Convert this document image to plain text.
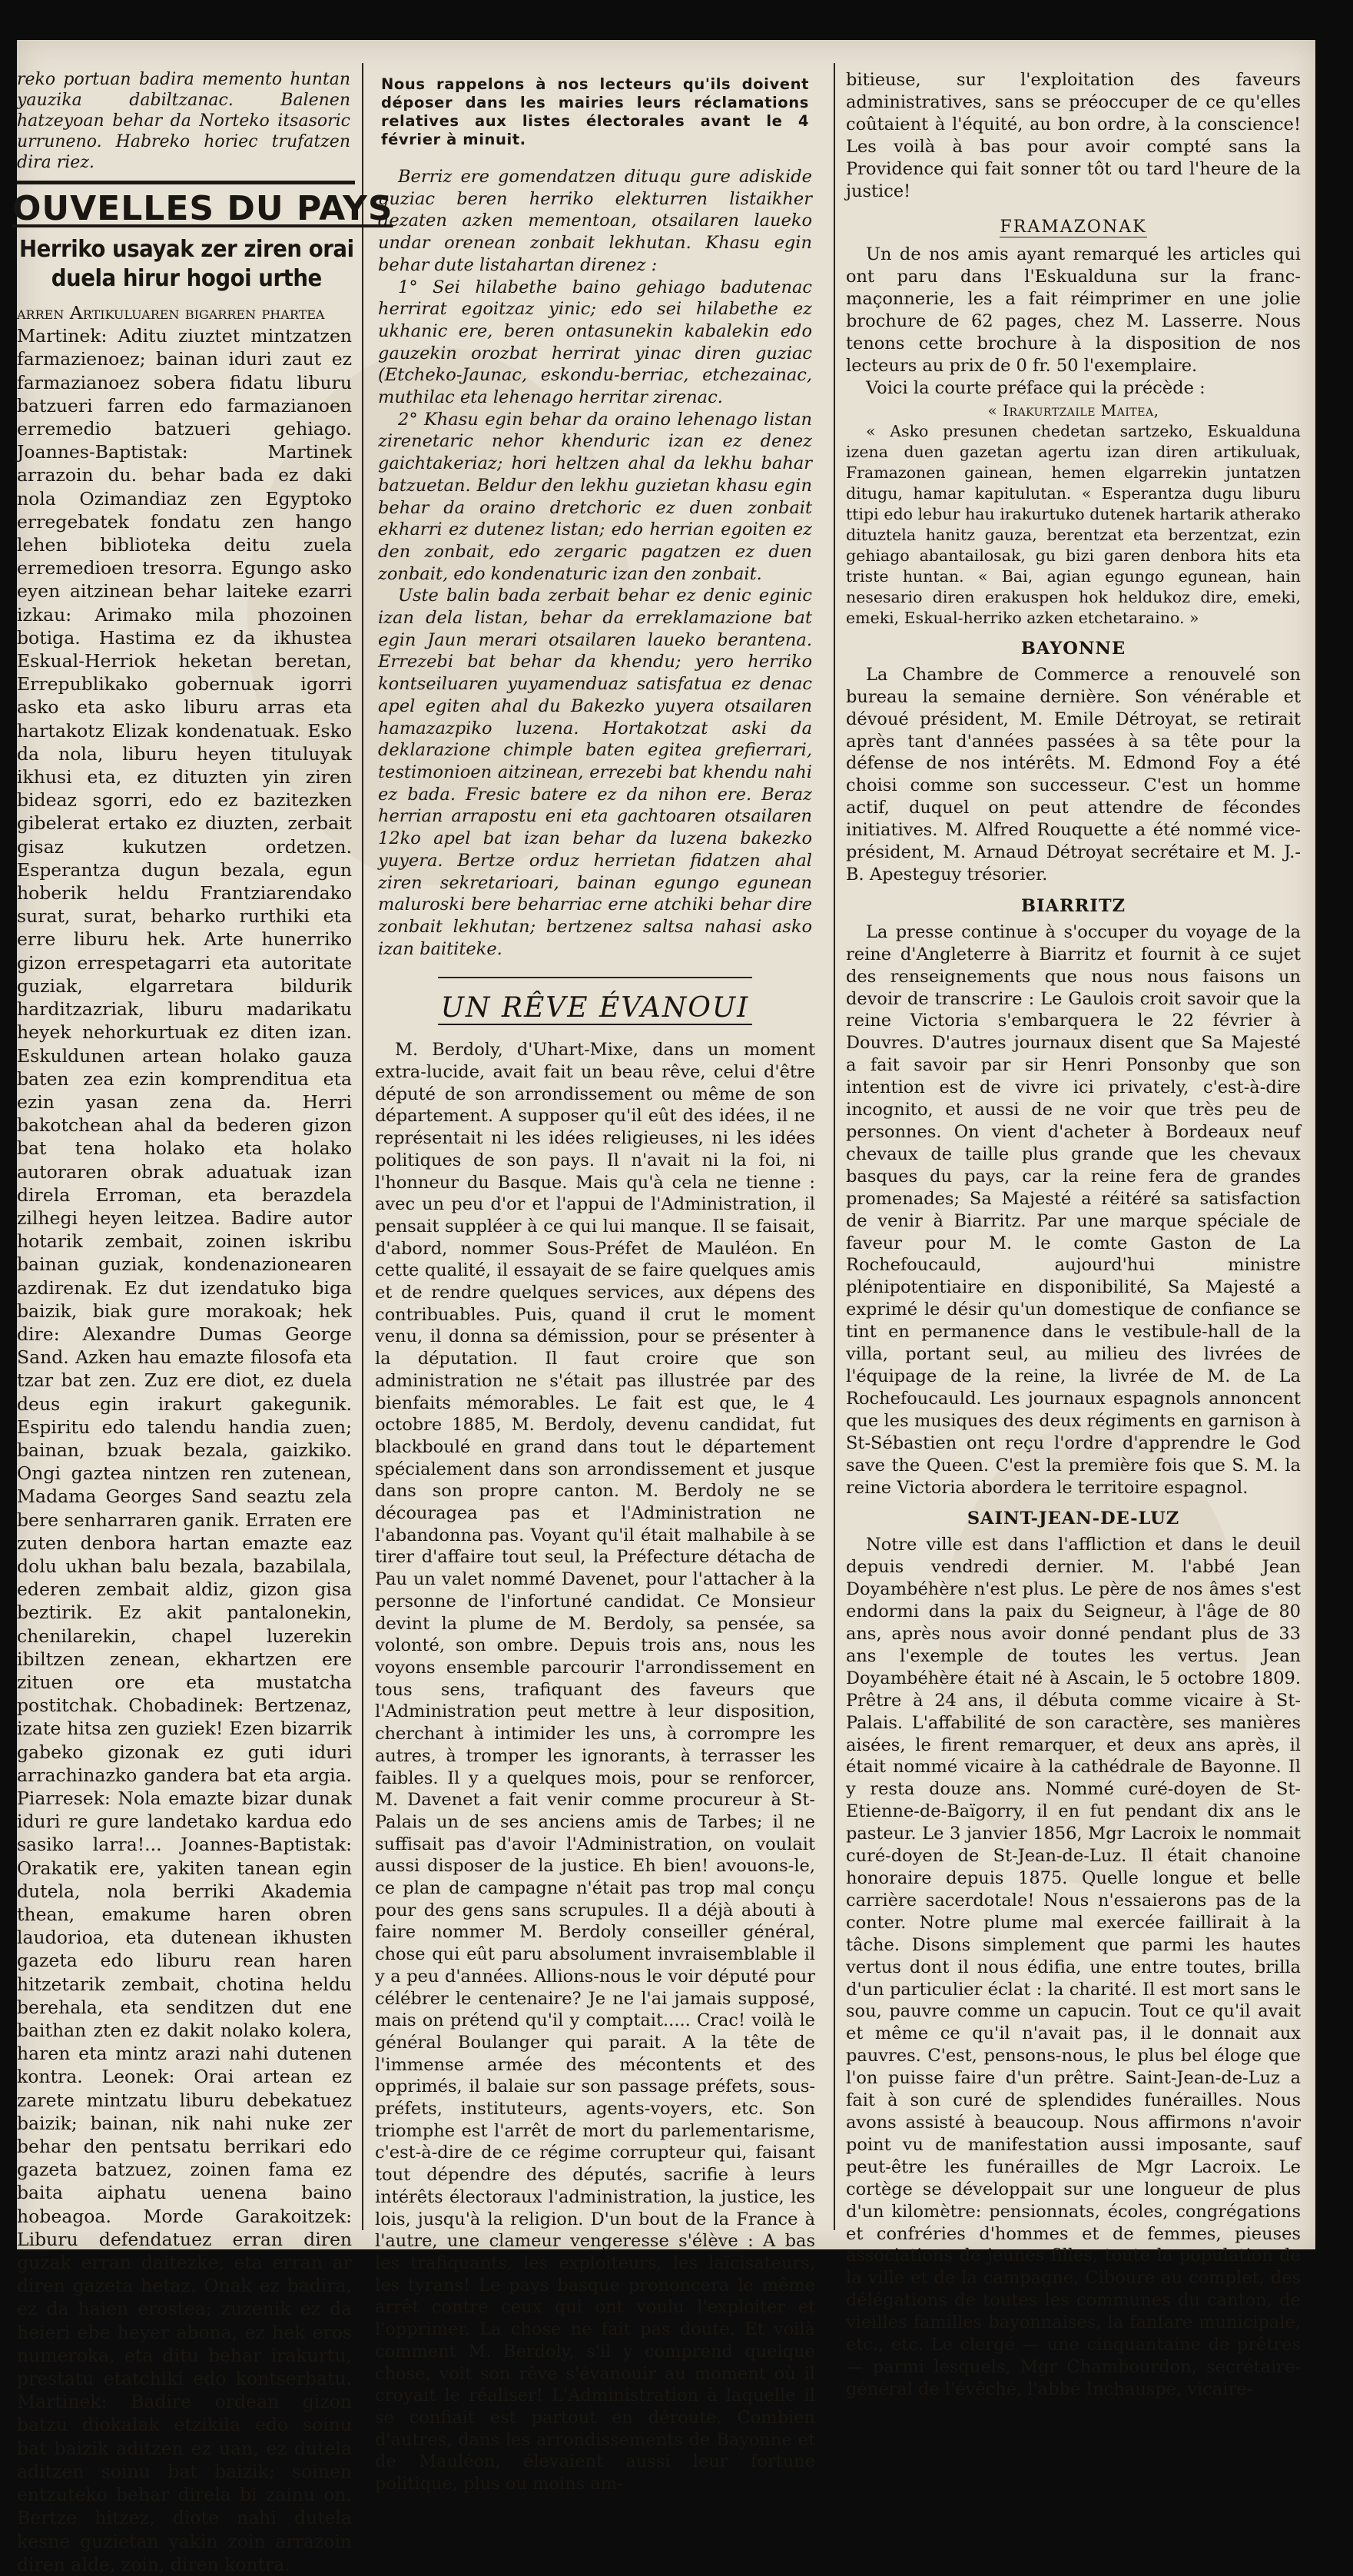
reko portuan badira memento huntan yauzika dabiltzanac. Balenen hatzeyoan behar da Norteko itsasoric urruneno. Habreko horiec trufatzen dira riez.

OUVELLES DU PAYS
Herriko usayak zer ziren orai duela hirur hogoi urthe

arren Artikuluaren bigarren phartea

Martinek: Aditu ziuztet mintzatzen farmazienoez; bainan iduri zaut ez farmazianoez sobera fidatu liburu batzueri farren edo farmazianoen erremedio batzueri gehiago. Joannes-Baptistak: Martinek arrazoin du. behar bada ez daki nola Ozimandiaz zen Egyptoko erregebatek fondatu zen hango lehen biblioteka deitu zuela erremedioen tresorra. Egungo asko eyen aitzinean behar laiteke ezarri izkau: Arimako mila phozoinen botiga. Hastima ez da ikhustea Eskual-Herriok heketan beretan, Errepublikako gobernuak igorri asko eta asko liburu arras eta hartakotz Elizak kondenatuak. Esko da nola, liburu heyen tituluyak ikhusi eta, ez dituzten yin ziren bideaz sgorri, edo ez bazitezken gibelerat ertako ez diuzten, zerbait gisaz kukutzen ordetzen. Esperantza dugun bezala, egun hoberik heldu Frantziarendako surat, surat, beharko rurthiki eta erre liburu hek. Arte hunerriko gizon errespetagarri eta autoritate guziak, elgarretara bildurik harditzazriak, liburu madarikatu heyek nehorkurtuak ez diten izan. Eskuldunen artean holako gauza baten zea ezin komprenditua eta ezin yasan zena da. Herri bakotchean ahal da bederen gizon bat tena holako eta holako autoraren obrak aduatuak izan direla Erroman, eta berazdela zilhegi heyen leitzea. Badire autor hotarik zembait, zoinen iskribu bainan guziak, kondenazionearen azdirenak. Ez dut izendatuko biga baizik, biak gure morakoak; hek dire: Alexandre Dumas George Sand. Azken hau emazte filosofa eta tzar bat zen. Zuz ere diot, ez duela deus egin irakurt gakegunik. Espiritu edo talendu handia zuen; bainan, bzuak bezala, gaizkiko. Ongi gaztea nintzen ren zutenean, Madama Georges Sand seaztu zela bere senharraren ganik. Erraten ere zuten denbora hartan emazte eaz dolu ukhan balu bezala, bazabilala, ederen zembait aldiz, gizon gisa beztirik. Ez akit pantalonekin, chenilarekin, chapel luzerekin ibiltzen zenean, ekhartzen ere zituen ore eta mustatcha postitchak. Chobadinek: Bertzenaz, izate hitsa zen guziek! Ezen bizarrik gabeko gizonak ez guti iduri arrachinazko gandera bat eta argia. Piarresek: Nola emazte bizar dunak iduri re gure landetako kardua edo sasiko larra!... Joannes-Baptistak: Orakatik ere, yakiten tanean egin dutela, nola berriki Akademia thean, emakume haren obren laudorioa, eta dutenean ikhusten gazeta edo liburu rean haren hitzetarik zembait, chotina heldu berehala, eta senditzen dut ene baithan zten ez dakit nolako kolera, haren eta mintz arazi nahi dutenen kontra. Leonek: Orai artean ez zarete mintzatu liburu debekatuez baizik; bainan, nik nahi nuke zer behar den pentsatu berrikari edo gazeta batzuez, zoinen fama ez baita aiphatu uenena baino hobeagoa. Morde Garakoitzek: Liburu defendatuez erran diren guzak erran daitezke, eta erran ar diren gazeta hetaz. Onak ez badira, ez da haien erostea; zuzenik ez da heieri ebe heyer abona, ez hek eros numeroka, eta ditu behar irakurtu, prestatu etatchiki edo kontserbatu. Martinek: Badire ordean gizon batzu diokalak etzikila edo soinu bat baizik aditzen ez uan, ez dutela aditzen soinu bat baizik; soinen entzuteko behar direla bi zainu on. Bertze hitzez, diote nahi dutela kesne guzietan yakin zoin arrazoin diren alde, zoin, diren kontra.

Nous rappelons à nos lecteurs qu'ils doivent déposer dans les mairies leurs réclamations relatives aux listes électorales avant le 4 février à minuit.

Berriz ere gomendatzen dituqu gure adiskide guziac beren herriko elekturren listaikher dezaten azken mementoan, otsailaren laueko undar orenean zonbait lekhutan. Khasu egin behar dute listahartan direnez :

1° Sei hilabethe baino gehiago badutenac herrirat egoitzaz yinic; edo sei hilabethe ez ukhanic ere, beren ontasunekin kabalekin edo gauzekin orozbat herrirat yinac diren guziac (Etcheko-Jaunac, eskondu-berriac, etchezainac, muthilac eta lehenago herritar zirenac.

2° Khasu egin behar da oraino lehenago listan zirenetaric nehor khenduric izan ez denez gaichtakeriaz; hori heltzen ahal da lekhu bahar batzuetan. Beldur den lekhu guzietan khasu egin behar da oraino dretchoric ez duen zonbait ekharri ez dutenez listan; edo herrian egoiten ez den zonbait, edo zergaric pagatzen ez duen zonbait, edo kondenaturic izan den zonbait.

Uste balin bada zerbait behar ez denic eginic izan dela listan, behar da erreklamazione bat egin Jaun merari otsailaren laueko berantena. Errezebi bat behar da khendu; yero herriko kontseiluaren yuyamenduaz satisfatua ez denac apel egiten ahal du Bakezko yuyera otsailaren hamazazpiko luzena. Hortakotzat aski da deklarazione chimple baten egitea grefierrari, testimonioen aitzinean, errezebi bat khendu nahi ez bada. Fresic batere ez da nihon ere. Beraz herrian arrapostu eni eta gachtoaren otsailaren 12ko apel bat izan behar da luzena bakezko yuyera. Bertze orduz herrietan fidatzen ahal ziren sekretarioari, bainan egungo egunean maluroski bere beharriac erne atchiki behar dire zonbait lekhutan; bertzenez saltsa nahasi asko izan baititeke.

UN RÊVE ÉVANOUI

M. Berdoly, d'Uhart-Mixe, dans un moment extra-lucide, avait fait un beau rêve, celui d'être député de son arrondissement ou même de son département. A supposer qu'il eût des idées, il ne représentait ni les idées religieuses, ni les idées politiques de son pays. Il n'avait ni la foi, ni l'honneur du Basque. Mais qu'à cela ne tienne : avec un peu d'or et l'appui de l'Administration, il pensait suppléer à ce qui lui manque. Il se faisait, d'abord, nommer Sous-Préfet de Mauléon. En cette qualité, il essayait de se faire quelques amis et de rendre quelques services, aux dépens des contribuables. Puis, quand il crut le moment venu, il donna sa démission, pour se présenter à la députation. Il faut croire que son administration ne s'était pas illustrée par des bienfaits mémorables. Le fait est que, le 4 octobre 1885, M. Berdoly, devenu candidat, fut blackboulé en grand dans tout le département spécialement dans son arrondissement et jusque dans son propre canton. M. Berdoly ne se découragea pas et l'Administration ne l'abandonna pas. Voyant qu'il était malhabile à se tirer d'affaire tout seul, la Préfecture détacha de Pau un valet nommé Davenet, pour l'attacher à la personne de l'infortuné candidat. Ce Monsieur devint la plume de M. Berdoly, sa pensée, sa volonté, son ombre. Depuis trois ans, nous les voyons ensemble parcourir l'arrondissement en tous sens, trafiquant des faveurs que l'Administration peut mettre à leur disposition, cherchant à intimider les uns, à corrompre les autres, à tromper les ignorants, à terrasser les faibles. Il y a quelques mois, pour se renforcer, M. Davenet a fait venir comme procureur à St-Palais un de ses anciens amis de Tarbes; il ne suffisait pas d'avoir l'Administration, on voulait aussi disposer de la justice. Eh bien! avouons-le, ce plan de campagne n'était pas trop mal conçu pour des gens sans scrupules. Il a déjà abouti à faire nommer M. Berdoly conseiller général, chose qui eût paru absolument invraisemblable il y a peu d'années. Allions-nous le voir député pour célébrer le centenaire? Je ne l'ai jamais supposé, mais on prétend qu'il y comptait..... Crac! voilà le général Boulanger qui parait. A la tête de l'immense armée des mécontents et des opprimés, il balaie sur son passage préfets, sous-préfets, instituteurs, agents-voyers, etc. Son triomphe est l'arrêt de mort du parlementarisme, c'est-à-dire de ce régime corrupteur qui, faisant tout dépendre des députés, sacrifie à leurs intérêts électoraux l'administration, la justice, les lois, jusqu'à la religion. D'un bout de la France à l'autre, une clameur vengeresse s'élève : A bas les trafiquants, les exploiteurs, les laïcisateurs, les tyrans! Le pays basque prononcera le même arrêt contre ceux qui ont voulu l'exploiter et l'opprimer. La chose ne fait pas doute. Et voilà comment M. Berdoly, s'il y comprend quelque chose, voit son rêve s'évanouir au moment où il croyait le réaliser! L'Administration à laquelle il se confiait est partout en déroute. Combien d'autres, dans les arrondissements de Bayonne et de Mauléon, élevaient aussi leur fortune politique, plus ou moins am-

bitieuse, sur l'exploitation des faveurs administratives, sans se préoccuper de ce qu'elles coûtaient à l'équité, au bon ordre, à la conscience! Les voilà à bas pour avoir compté sans la Providence qui fait sonner tôt ou tard l'heure de la justice!

FRAMAZONAK

Un de nos amis ayant remarqué les articles qui ont paru dans l'Eskualduna sur la franc-maçonnerie, les a fait réimprimer en une jolie brochure de 62 pages, chez M. Lasserre. Nous tenons cette brochure à la disposition de nos lecteurs au prix de 0 fr. 50 l'exemplaire.

Voici la courte préface qui la précède :

« Irakurtzaile Maitea,

« Asko presunen chedetan sartzeko, Eskualduna izena duen gazetan agertu izan diren artikuluak, Framazonen gainean, hemen elgarrekin juntatzen ditugu, hamar kapitulutan. « Esperantza dugu liburu ttipi edo lebur hau irakurtuko dutenek hartarik atherako dituztela hanitz gauza, berentzat eta berzentzat, ezin gehiago abantailosak, gu bizi garen denbora hits eta triste huntan. « Bai, agian egungo egunean, hain nesesario diren erakuspen hok heldukoz dire, emeki, emeki, Eskual-herriko azken etchetaraino. »

BAYONNE

La Chambre de Commerce a renouvelé son bureau la semaine dernière. Son vénérable et dévoué président, M. Emile Détroyat, se retirait après tant d'années passées à sa tête pour la défense de nos intérêts. M. Edmond Foy a été choisi comme son successeur. C'est un homme actif, duquel on peut attendre de fécondes initiatives. M. Alfred Rouquette a été nommé vice-président, M. Arnaud Détroyat secrétaire et M. J.-B. Apesteguy trésorier.

BIARRITZ

La presse continue à s'occuper du voyage de la reine d'Angleterre à Biarritz et fournit à ce sujet des renseignements que nous nous faisons un devoir de transcrire : Le Gaulois croit savoir que la reine Victoria s'embarquera le 22 février à Douvres. D'autres journaux disent que Sa Majesté a fait savoir par sir Henri Ponsonby que son intention est de vivre ici privately, c'est-à-dire incognito, et aussi de ne voir que très peu de personnes. On vient d'acheter à Bordeaux neuf chevaux de taille plus grande que les chevaux basques du pays, car la reine fera de grandes promenades; Sa Majesté a réitéré sa satisfaction de venir à Biarritz. Par une marque spéciale de faveur pour M. le comte Gaston de La Rochefoucauld, aujourd'hui ministre plénipotentiaire en disponibilité, Sa Majesté a exprimé le désir qu'un domestique de confiance se tint en permanence dans le vestibule-hall de la villa, portant seul, au milieu des livrées de l'équipage de la reine, la livrée de M. de La Rochefoucauld. Les journaux espagnols annoncent que les musiques des deux régiments en garnison à St-Sébastien ont reçu l'ordre d'apprendre le God save the Queen. C'est la première fois que S. M. la reine Victoria abordera le territoire espagnol.

SAINT-JEAN-DE-LUZ

Notre ville est dans l'affliction et dans le deuil depuis vendredi dernier. M. l'abbé Jean Doyambéhère n'est plus. Le père de nos âmes s'est endormi dans la paix du Seigneur, à l'âge de 80 ans, après nous avoir donné pendant plus de 33 ans l'exemple de toutes les vertus. Jean Doyambéhère était né à Ascain, le 5 octobre 1809. Prêtre à 24 ans, il débuta comme vicaire à St-Palais. L'affabilité de son caractère, ses manières aisées, le firent remarquer, et deux ans après, il était nommé vicaire à la cathédrale de Bayonne. Il y resta douze ans. Nommé curé-doyen de St-Etienne-de-Baïgorry, il en fut pendant dix ans le pasteur. Le 3 janvier 1856, Mgr Lacroix le nommait curé-doyen de St-Jean-de-Luz. Il était chanoine honoraire depuis 1875. Quelle longue et belle carrière sacerdotale! Nous n'essaierons pas de la conter. Notre plume mal exercée faillirait à la tâche. Disons simplement que parmi les hautes vertus dont il nous édifia, une entre toutes, brilla d'un particulier éclat : la charité. Il est mort sans le sou, pauvre comme un capucin. Tout ce qu'il avait et même ce qu'il n'avait pas, il le donnait aux pauvres. C'est, pensons-nous, le plus bel éloge que l'on puisse faire d'un prêtre. Saint-Jean-de-Luz a fait à son curé de splendides funérailles. Nous avons assisté à beaucoup. Nous affirmons n'avoir point vu de manifestation aussi imposante, sauf peut-être les funérailles de Mgr Lacroix. Le cortège se développait sur une longueur de plus d'un kilomètre: pensionnats, écoles, congrégations et confréries d'hommes et de femmes, pieuses associations de jeunes filles, toute la population de la ville et de la campagne, Ciboure au complet, des délégations de toutes les communes du canton, de vieilles familles bayonnaises, la fanfare municipale, etc., etc. Le clergé — une cinquantaine de prêtres — parmi lesquels, Mgr Chambourdon, secrétaire-général de l'évêché, l'abbé Inchauspe, vicaire-
